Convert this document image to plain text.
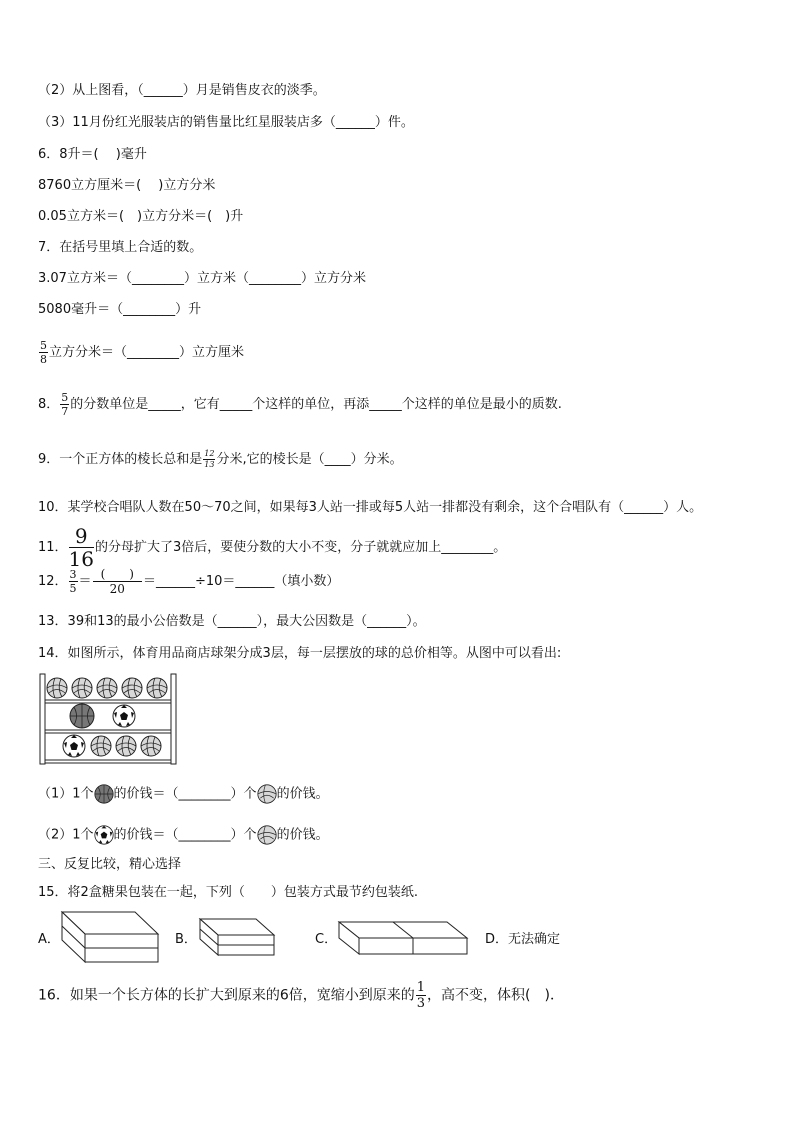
（2）从上图看，（______）月是销售皮衣的淡季。
（3）11月份红光服装店的销售量比红星服装店多（______）件。
6．8升＝(　 )毫升
8760立方厘米＝(　 )立方分米
0.05立方米＝(　)立方分米＝(　)升
7．在括号里填上合适的数。
3.07立方米＝（________）立方米（________）立方分米
5080毫升＝（________）升
$\frac{5}{8}$ 立方分米＝（________）立方厘米
8． $\frac{5}{7}$ 的分数单位是_____，它有_____个这样的单位，再添_____个这样的单位是最小的质数.
9．一个正方体的棱长总和是 $\frac{12}{13}$ 分米,它的棱长是（____）分米。
10．某学校合唱队人数在50～70之间，如果每3人站一排或每5人站一排都没有剩余，这个合唱队有（______）人。
11． $\frac{9}{16}$ 的分母扩大了3倍后，要使分数的大小不变，分子就就应加上________。
12． $\frac{3}{5} = \frac{( )}{20}$ ＝______÷10＝______（填小数）
13．39和13的最小公倍数是（______），最大公因数是（______）。
14．如图所示，体育用品商店球架分成3层，每一层摆放的球的总价相等。从图中可以看出:
（1）1个 的价钱＝（________）个 的价钱。
（2）1个 的价钱＝（________）个 的价钱。
三、反复比较，精心选择
15．将2盒糖果包装在一起，下列（　　）包装方式最节约包装纸.
A．	B．	C．	D．无法确定
16．如果一个长方体的长扩大到原来的6倍，宽缩小到原来的 $\frac{1}{3}$ ，高不变，体积(　)．
